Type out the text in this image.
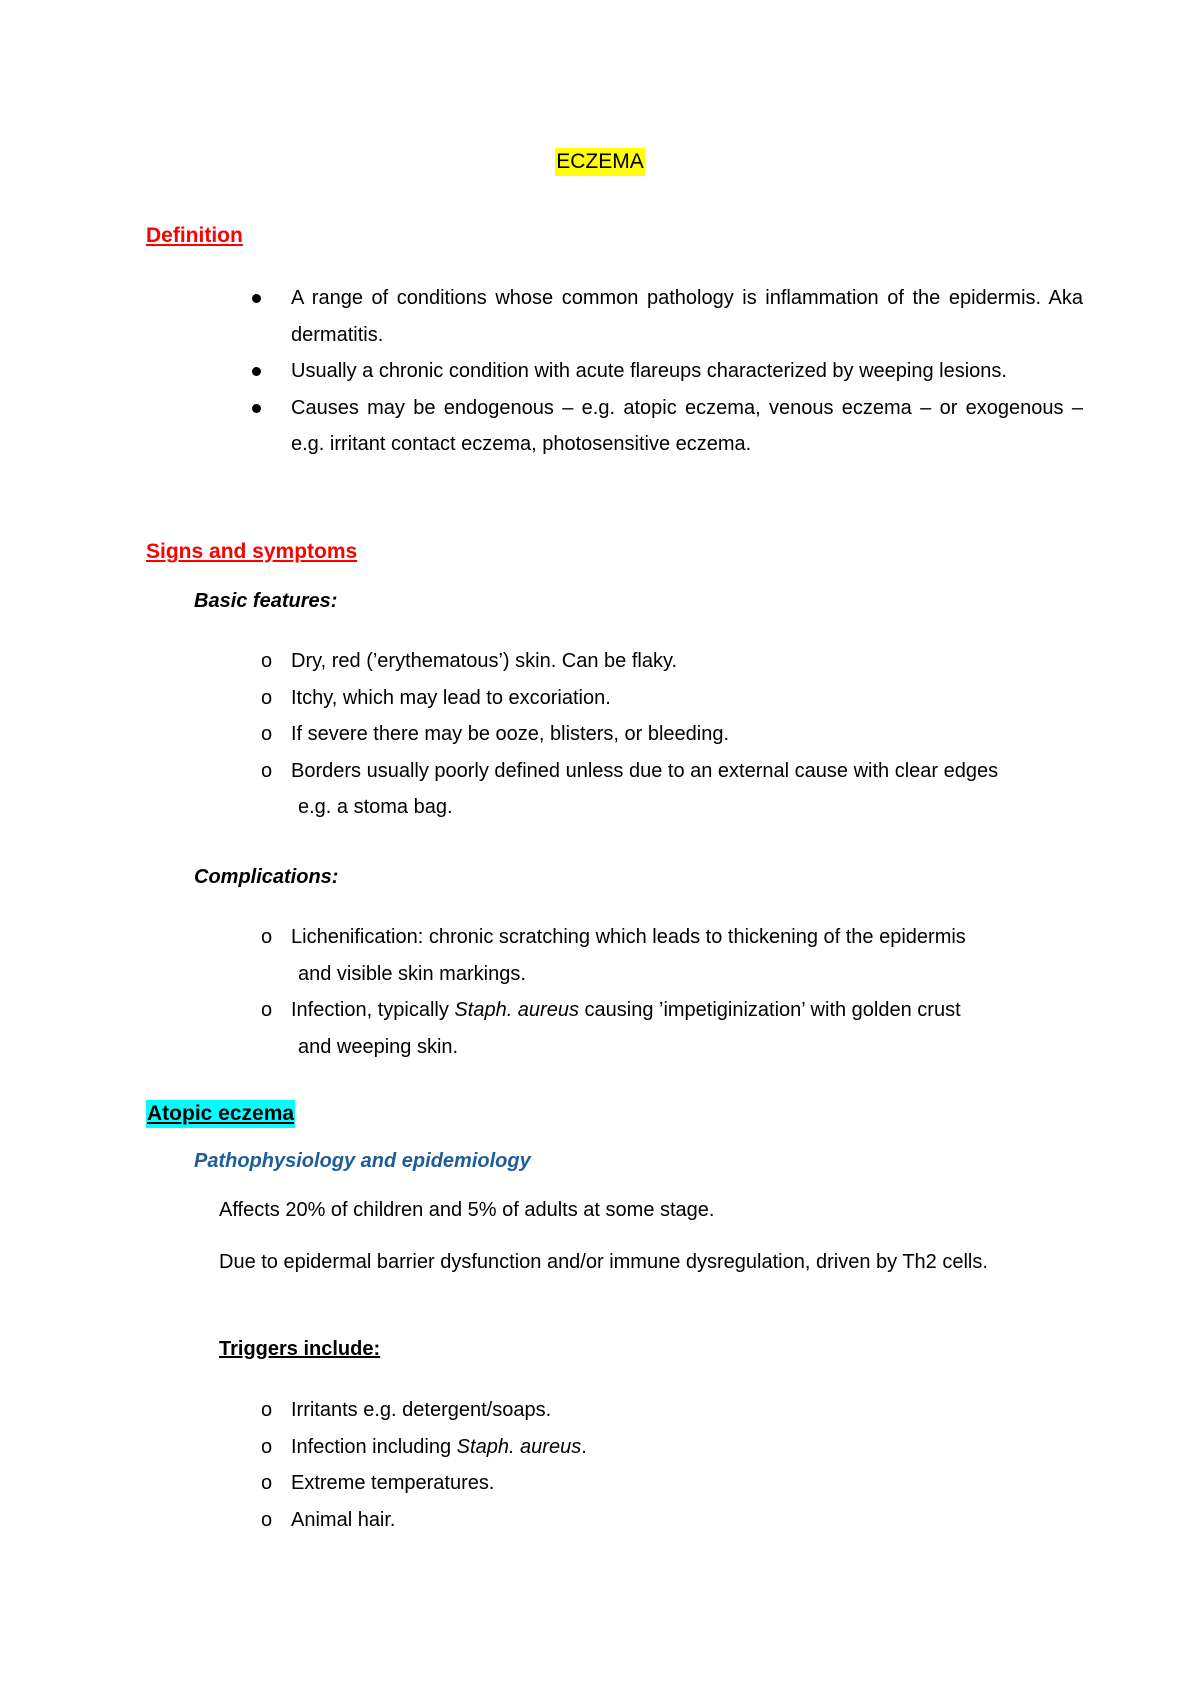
ECZEMA
Definition
A range of conditions whose common pathology is inflammation of the epidermis. Aka dermatitis.
Usually a chronic condition with acute flareups characterized by weeping lesions.
Causes may be endogenous – e.g. atopic eczema, venous eczema – or exogenous – e.g. irritant contact eczema, photosensitive eczema.
Signs and symptoms
Basic features:
o Dry, red (’erythematous’) skin. Can be flaky.
o Itchy, which may lead to excoriation.
o If severe there may be ooze, blisters, or bleeding.
o Borders usually poorly defined unless due to an external cause with clear edges
e.g. a stoma bag.
Complications:
o Lichenification: chronic scratching which leads to thickening of the epidermis
and visible skin markings.
o Infection, typically Staph. aureus causing ’impetiginization’ with golden crust
and weeping skin.
Atopic eczema
Pathophysiology and epidemiology
Affects 20% of children and 5% of adults at some stage.
Due to epidermal barrier dysfunction and/or immune dysregulation, driven by Th2 cells.
Triggers include:
o Irritants e.g. detergent/soaps.
o Infection including Staph. aureus.
o Extreme temperatures.
o Animal hair.
